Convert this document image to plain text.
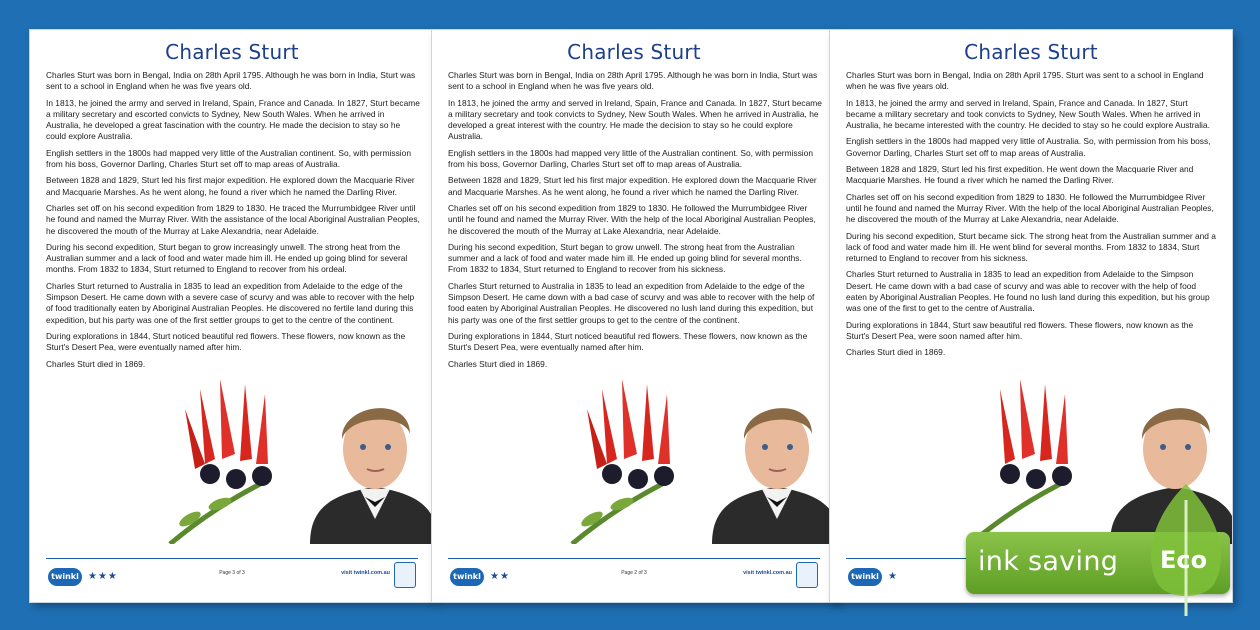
Charles Sturt

Charles Sturt was born in Bengal, India on 28th April 1795. Although he was born in India, Sturt was sent to a school in England when he was five years old.

In 1813, he joined the army and served in Ireland, Spain, France and Canada. In 1827, Sturt became a military secretary and escorted convicts to Sydney, New South Wales. When he arrived in Australia, he developed a great fascination with the country. He made the decision to stay so he could explore Australia.

English settlers in the 1800s had mapped very little of the Australian continent. So, with permission from his boss, Governor Darling, Charles Sturt set off to map areas of Australia.

Between 1828 and 1829, Sturt led his first major expedition. He explored down the Macquarie River and Macquarie Marshes. As he went along, he found a river which he named the Darling River.

Charles set off on his second expedition from 1829 to 1830. He traced the Murrumbidgee River until he found and named the Murray River. With the assistance of the local Aboriginal Australian Peoples, he discovered the mouth of the Murray at Lake Alexandria, near Adelaide.

During his second expedition, Sturt began to grow increasingly unwell. The strong heat from the Australian summer and a lack of food and water made him ill. He ended up going blind for several months. From 1832 to 1834, Sturt returned to England to recover from his ordeal.

Charles Sturt returned to Australia in 1835 to lead an expedition from Adelaide to the edge of the Simpson Desert. He came down with a severe case of scurvy and was able to recover with the help of food traditionally eaten by Aboriginal Australian Peoples. He discovered no fertile land during this expedition, but his party was one of the first settler groups to get to the centre of the continent.

During explorations in 1844, Sturt noticed beautiful red flowers. These flowers, now known as the Sturt's Desert Pea, were eventually named after him.

Charles Sturt died in 1869.

twinkl ★★★	Page 3 of 3	visit twinkl.com.au
Charles Sturt

Charles Sturt was born in Bengal, India on 28th April 1795. Although he was born in India, Sturt was sent to a school in England when he was five years old.

In 1813, he joined the army and served in Ireland, Spain, France and Canada. In 1827, Sturt became a military secretary and took convicts to Sydney, New South Wales. When he arrived in Australia, he developed a great interest with the country. He made the decision to stay so he could explore Australia.

English settlers in the 1800s had mapped very little of the Australian continent. So, with permission from his boss, Governor Darling, Charles Sturt set off to map areas of Australia.

Between 1828 and 1829, Sturt led his first major expedition. He explored down the Macquarie River and Macquarie Marshes. As he went along, he found a river which he named the Darling River.

Charles set off on his second expedition from 1829 to 1830. He followed the Murrumbidgee River until he found and named the Murray River. With the help of the local Aboriginal Australian Peoples, he discovered the mouth of the Murray at Lake Alexandria, near Adelaide.

During his second expedition, Sturt began to grow unwell. The strong heat from the Australian summer and a lack of food and water made him ill. He ended up going blind for several months. From 1832 to 1834, Sturt returned to England to recover from his sickness.

Charles Sturt returned to Australia in 1835 to lead an expedition from Adelaide to the edge of the Simpson Desert. He came down with a bad case of scurvy and was able to recover with the help of food eaten by Aboriginal Australian Peoples. He discovered no lush land during this expedition, but his party was one of the first settler groups to get to the centre of the continent.

During explorations in 1844, Sturt noticed beautiful red flowers. These flowers, now known as the Sturt's Desert Pea, were eventually named after him.

Charles Sturt died in 1869.

twinkl ★★	Page 2 of 3	visit twinkl.com.au
Charles Sturt

Charles Sturt was born in Bengal, India on 28th April 1795. Sturt was sent to a school in England when he was five years old.

In 1813, he joined the army and served in Ireland, Spain, France and Canada. In 1827, Sturt became a military secretary and took convicts to Sydney, New South Wales. When he arrived in Australia, he became interested with the country. He decided to stay so he could explore Australia.

English settlers in the 1800s had mapped very little of Australia. So, with permission from his boss, Governor Darling, Charles Sturt set off to map areas of Australia.

Between 1828 and 1829, Sturt led his first expedition. He went down the Macquarie River and Macquarie Marshes. He found a river which he named the Darling River.

Charles set off on his second expedition from 1829 to 1830. He followed the Murrumbidgee River until he found and named the Murray River. With the help of the local Aboriginal Australian Peoples, he discovered the mouth of the Murray at Lake Alexandria, near Adelaide.

During his second expedition, Sturt became sick. The strong heat from the Australian summer and a lack of food and water made him ill. He went blind for several months. From 1832 to 1834, Sturt returned to England to recover from his sickness.

Charles Sturt returned to Australia in 1835 to lead an expedition from Adelaide to the Simpson Desert. He came down with a bad case of scurvy and was able to recover with the help of food eaten by Aboriginal Australian Peoples. He found no lush land during this expedition, but his group was one of the first to get to the centre of Australia.

During explorations in 1844, Sturt saw beautiful red flowers. These flowers, now known as the Sturt's Desert Pea, were soon named after him.

Charles Sturt died in 1869.

twinkl ★	ink saving Eco
